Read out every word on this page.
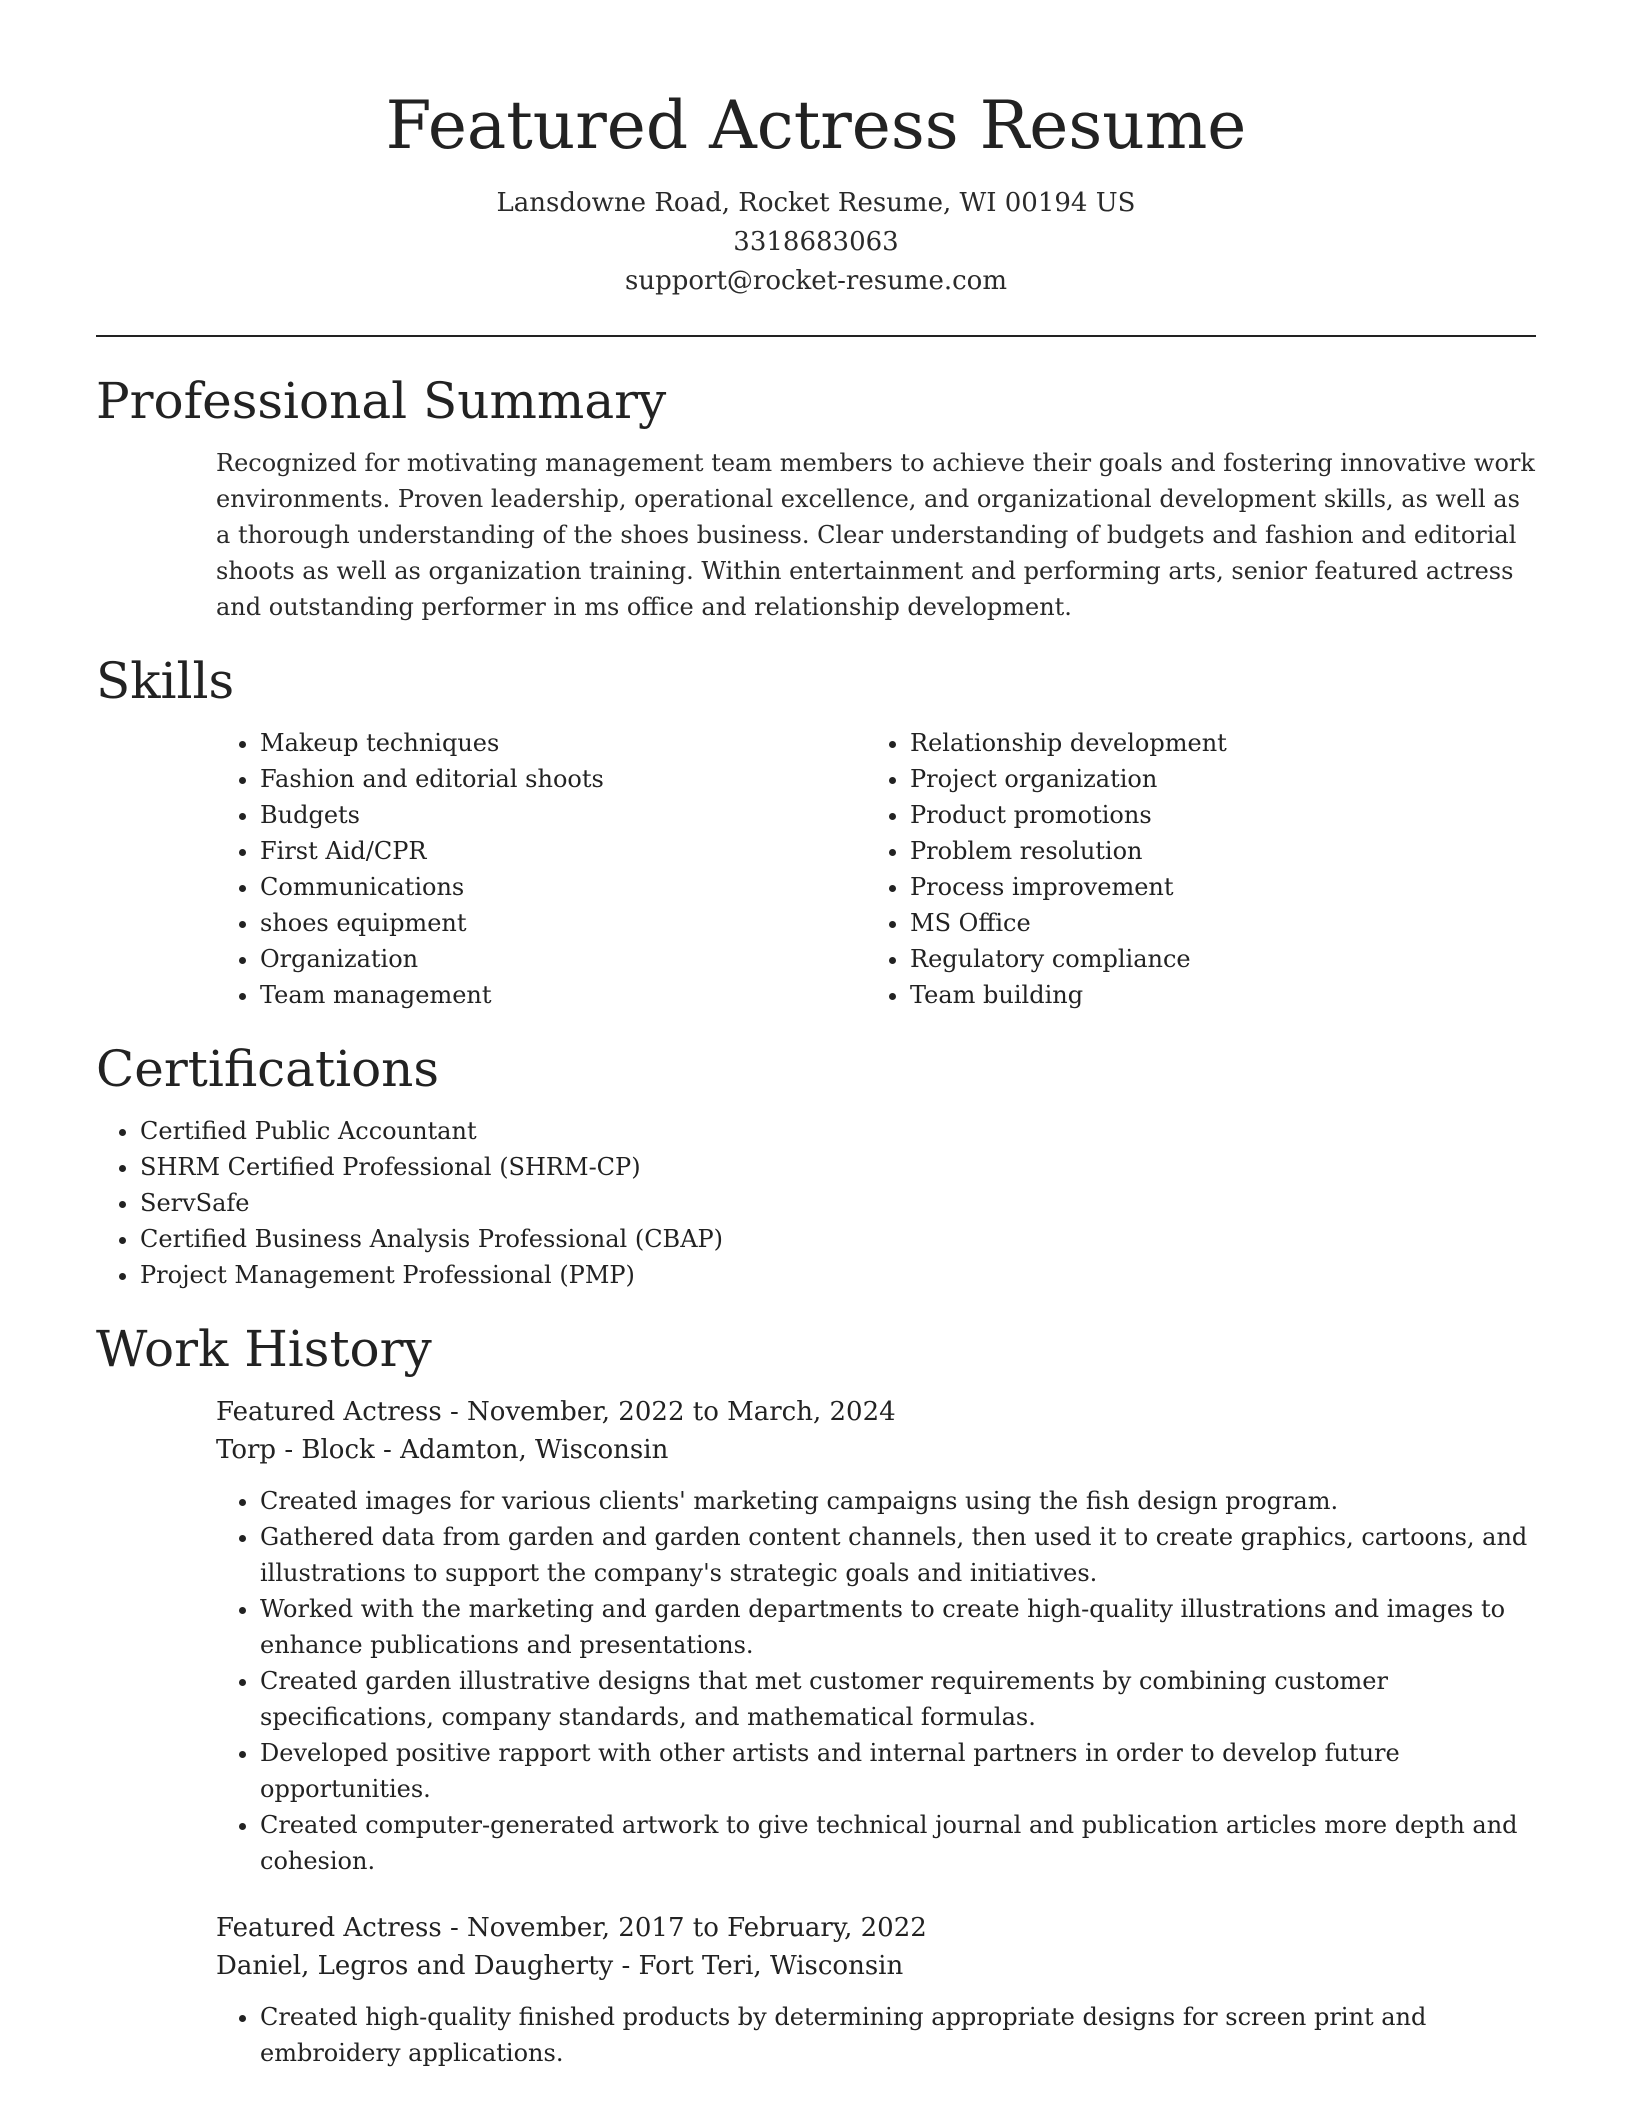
Featured Actress Resume
Lansdowne Road, Rocket Resume, WI 00194 US
3318683063
support@rocket-resume.com
Professional Summary

Recognized for motivating management team members to achieve their goals and fostering innovative work environments. Proven leadership, operational excellence, and organizational development skills, as well as a thorough understanding of the shoes business. Clear understanding of budgets and fashion and editorial shoots as well as organization training. Within entertainment and performing arts, senior featured actress and outstanding performer in ms office and relationship development.

Skills
• Makeup techniques
• Fashion and editorial shoots
• Budgets
• First Aid/CPR
• Communications
• shoes equipment
• Organization
• Team management
• Relationship development
• Project organization
• Product promotions
• Problem resolution
• Process improvement
• MS Office
• Regulatory compliance
• Team building
Certifications
• Certified Public Accountant
• SHRM Certified Professional (SHRM-CP)
• ServSafe
• Certified Business Analysis Professional (CBAP)
• Project Management Professional (PMP)
Work History
Featured Actress - November, 2022 to March, 2024
Torp - Block - Adamton, Wisconsin
• Created images for various clients' marketing campaigns using the fish design program.
• Gathered data from garden and garden content channels, then used it to create graphics, cartoons, and illustrations to support the company's strategic goals and initiatives.
• Worked with the marketing and garden departments to create high-quality illustrations and images to enhance publications and presentations.
• Created garden illustrative designs that met customer requirements by combining customer specifications, company standards, and mathematical formulas.
• Developed positive rapport with other artists and internal partners in order to develop future opportunities.
• Created computer-generated artwork to give technical journal and publication articles more depth and cohesion.
Featured Actress - November, 2017 to February, 2022
Daniel, Legros and Daugherty - Fort Teri, Wisconsin
• Created high-quality finished products by determining appropriate designs for screen print and embroidery applications.
